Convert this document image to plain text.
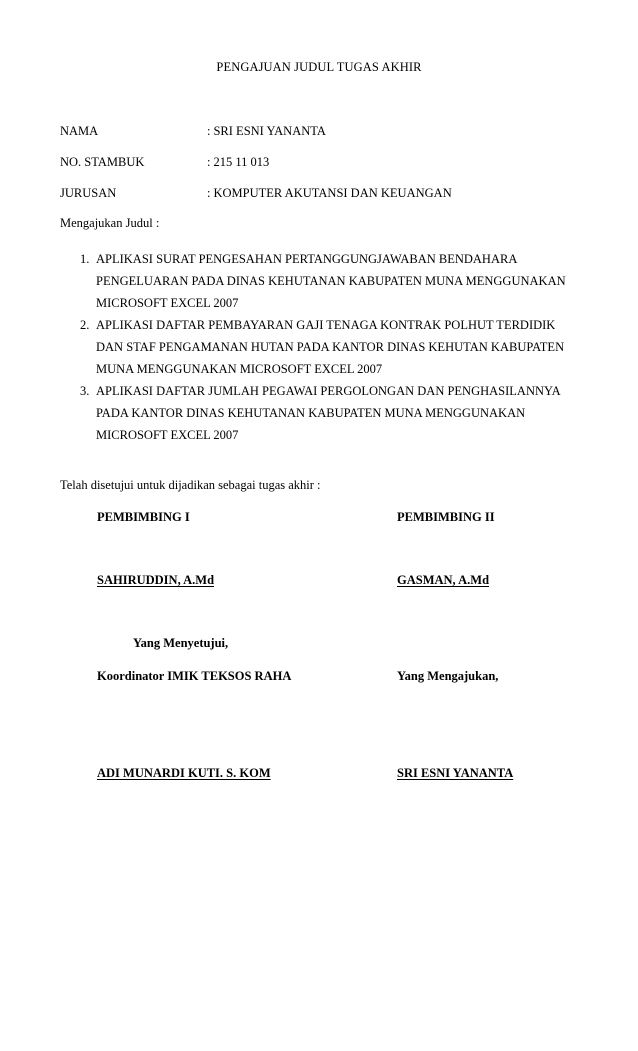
PENGAJUAN JUDUL TUGAS AKHIR
NAMA	: SRI ESNI YANANTA
NO. STAMBUK	: 215 11 013
JURUSAN	: KOMPUTER AKUTANSI DAN KEUANGAN
Mengajukan Judul :
1. APLIKASI SURAT PENGESAHAN PERTANGGUNGJAWABAN BENDAHARA
PENGELUARAN PADA DINAS KEHUTANAN KABUPATEN MUNA MENGGUNAKAN
MICROSOFT EXCEL 2007
2. APLIKASI DAFTAR PEMBAYARAN GAJI TENAGA KONTRAK POLHUT TERDIDIK
DAN STAF PENGAMANAN HUTAN PADA KANTOR DINAS KEHUTAN KABUPATEN
MUNA MENGGUNAKAN MICROSOFT EXCEL 2007
3. APLIKASI DAFTAR JUMLAH PEGAWAI PERGOLONGAN DAN PENGHASILANNYA
PADA KANTOR DINAS KEHUTANAN KABUPATEN MUNA MENGGUNAKAN
MICROSOFT EXCEL 2007
Telah disetujui untuk dijadikan sebagai tugas akhir :
PEMBIMBING I	PEMBIMBING II
SAHIRUDDIN, A.Md	GASMAN, A.Md
Yang Menyetujui,
Koordinator IMIK TEKSOS RAHA	Yang Mengajukan,
ADI MUNARDI KUTI. S. KOM	SRI ESNI YANANTA
